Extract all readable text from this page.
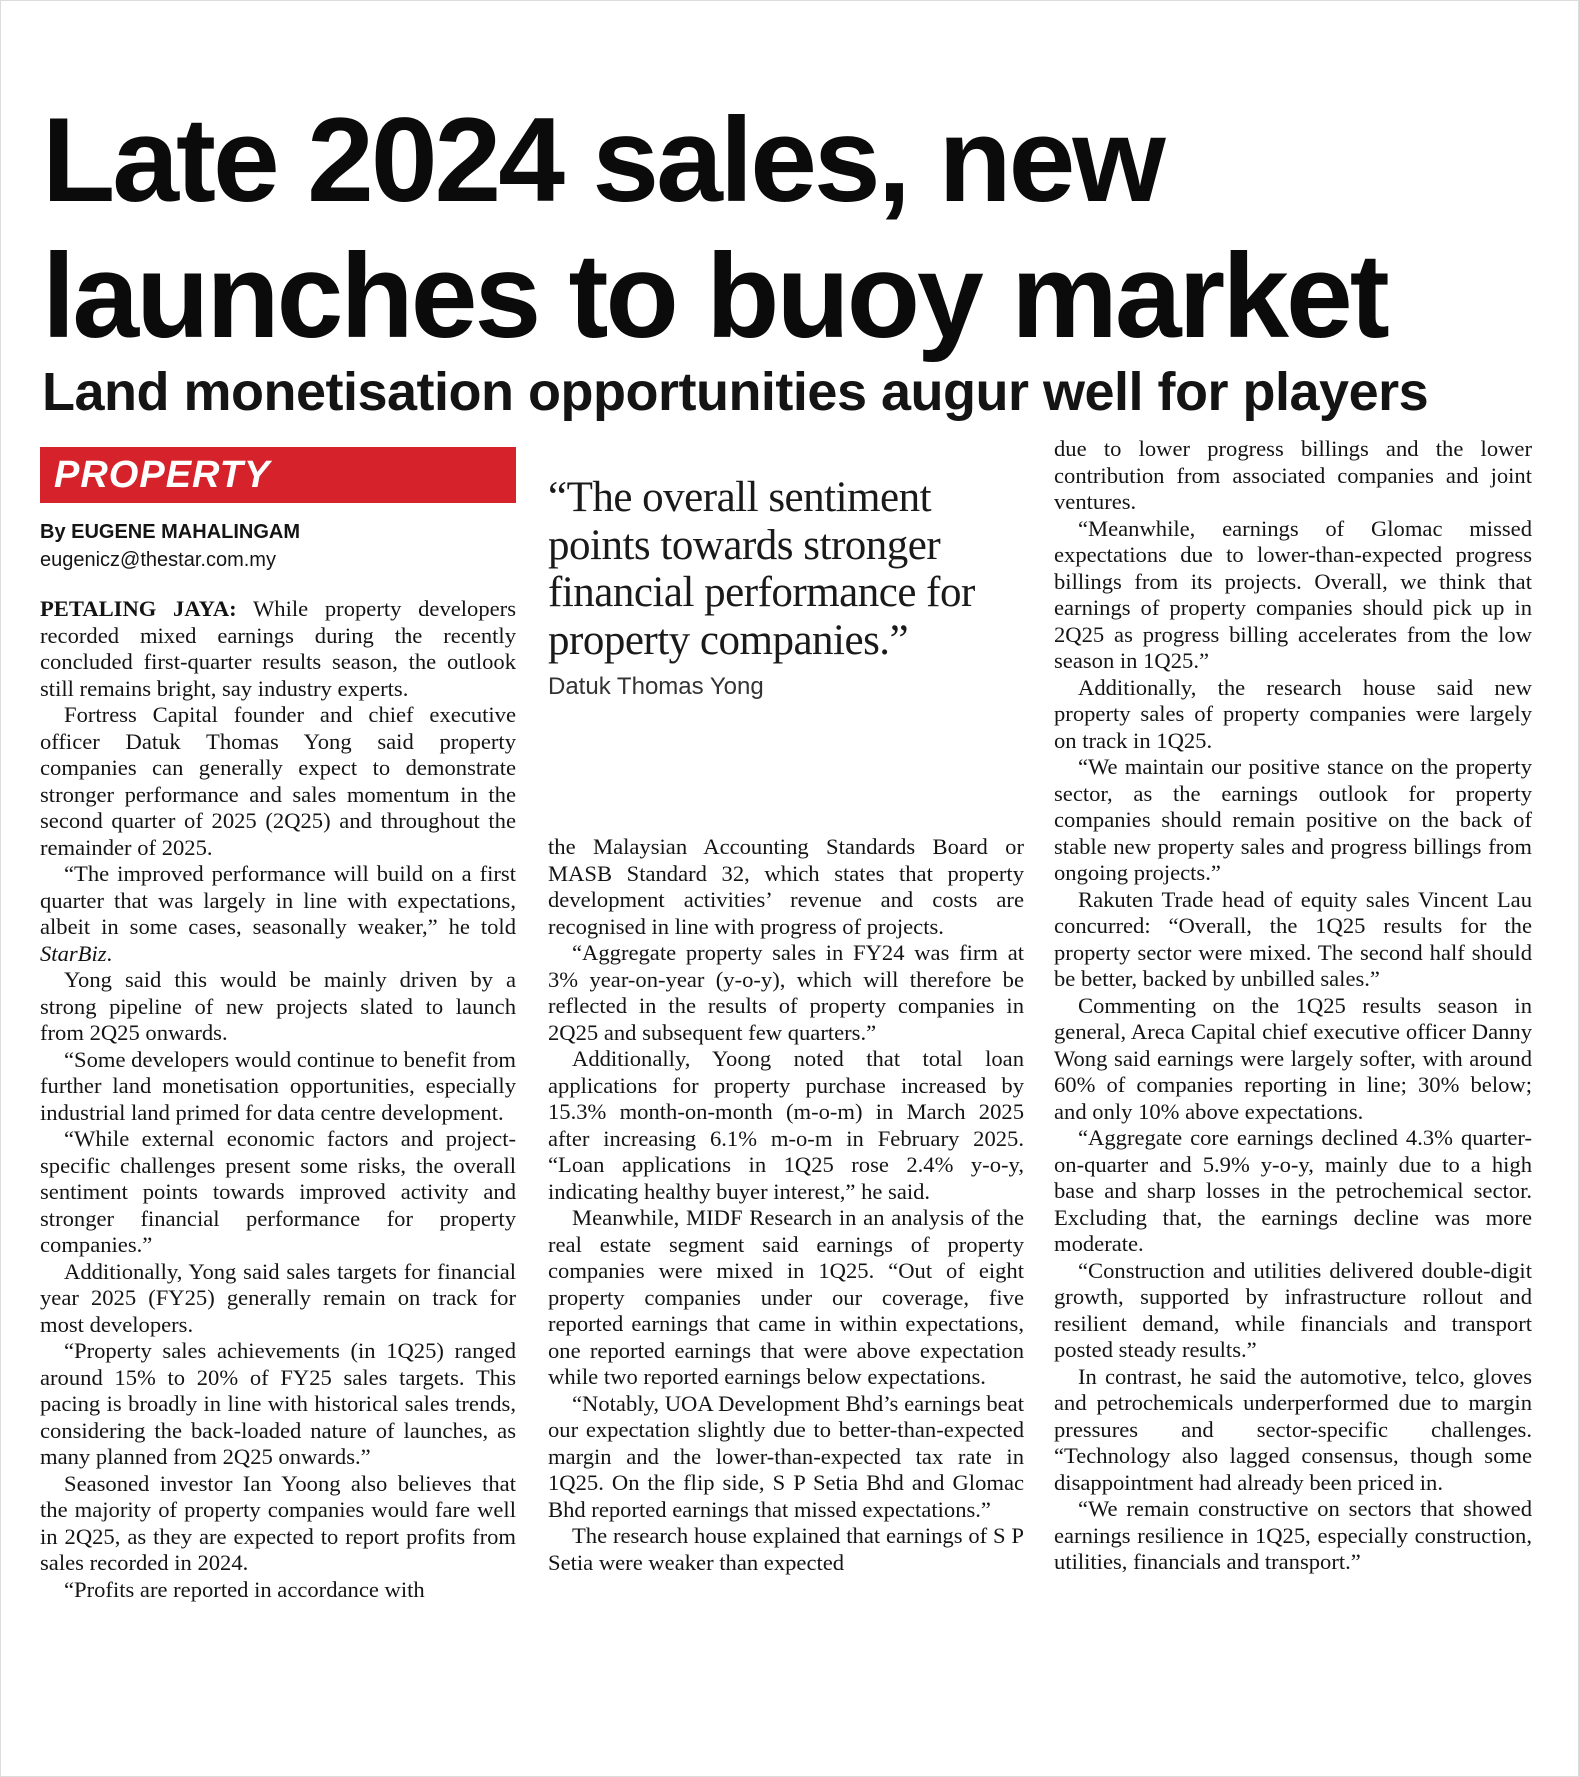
Late 2024 sales, new
launches to buoy market
Land monetisation opportunities augur well for players
PROPERTY
By EUGENE MAHALINGAM
eugenicz@thestar.com.my

PETALING JAYA: While property developers recorded mixed earnings during the recently concluded first-quarter results season, the outlook still remains bright, say industry experts.

Fortress Capital founder and chief executive officer Datuk Thomas Yong said property companies can generally expect to demonstrate stronger performance and sales momentum in the second quarter of 2025 (2Q25) and throughout the remainder of 2025.

“The improved performance will build on a first quarter that was largely in line with expectations, albeit in some cases, seasonally weaker,” he told StarBiz.

Yong said this would be mainly driven by a strong pipeline of new projects slated to launch from 2Q25 onwards.

“Some developers would continue to benefit from further land monetisation opportunities, especially industrial land primed for data centre development.

“While external economic factors and project-specific challenges present some risks, the overall sentiment points towards improved activity and stronger financial performance for property companies.”

Additionally, Yong said sales targets for financial year 2025 (FY25) generally remain on track for most developers.

“Property sales achievements (in 1Q25) ranged around 15% to 20% of FY25 sales targets. This pacing is broadly in line with historical sales trends, considering the back-loaded nature of launches, as many planned from 2Q25 onwards.”

Seasoned investor Ian Yoong also believes that the majority of property companies would fare well in 2Q25, as they are expected to report profits from sales recorded in 2024.

“Profits are reported in accordance with

“The overall sentiment points towards stronger financial performance for property companies.”
Datuk Thomas Yong

the Malaysian Accounting Standards Board or MASB Standard 32, which states that property development activities’ revenue and costs are recognised in line with progress of projects.

“Aggregate property sales in FY24 was firm at 3% year-on-year (y-o-y), which will therefore be reflected in the results of property companies in 2Q25 and subsequent few quarters.”

Additionally, Yoong noted that total loan applications for property purchase increased by 15.3% month-on-month (m-o-m) in March 2025 after increasing 6.1% m-o-m in February 2025. “Loan applications in 1Q25 rose 2.4% y-o-y, indicating healthy buyer interest,” he said.

Meanwhile, MIDF Research in an analysis of the real estate segment said earnings of property companies were mixed in 1Q25. “Out of eight property companies under our coverage, five reported earnings that came in within expectations, one reported earnings that were above expectation while two reported earnings below expectations.

“Notably, UOA Development Bhd’s earnings beat our expectation slightly due to better-than-expected margin and the lower-than-expected tax rate in 1Q25. On the flip side, S P Setia Bhd and Glomac Bhd reported earnings that missed expectations.”

The research house explained that earnings of S P Setia were weaker than expected

due to lower progress billings and the lower contribution from associated companies and joint ventures.

“Meanwhile, earnings of Glomac missed expectations due to lower-than-expected progress billings from its projects. Overall, we think that earnings of property companies should pick up in 2Q25 as progress billing accelerates from the low season in 1Q25.”

Additionally, the research house said new property sales of property companies were largely on track in 1Q25.

“We maintain our positive stance on the property sector, as the earnings outlook for property companies should remain positive on the back of stable new property sales and progress billings from ongoing projects.”

Rakuten Trade head of equity sales Vincent Lau concurred: “Overall, the 1Q25 results for the property sector were mixed. The second half should be better, backed by unbilled sales.”

Commenting on the 1Q25 results season in general, Areca Capital chief executive officer Danny Wong said earnings were largely softer, with around 60% of companies reporting in line; 30% below; and only 10% above expectations.

“Aggregate core earnings declined 4.3% quarter-on-quarter and 5.9% y-o-y, mainly due to a high base and sharp losses in the petrochemical sector. Excluding that, the earnings decline was more moderate.

“Construction and utilities delivered double-digit growth, supported by infrastructure rollout and resilient demand, while financials and transport posted steady results.”

In contrast, he said the automotive, telco, gloves and petrochemicals underperformed due to margin pressures and sector-specific challenges. “Technology also lagged consensus, though some disappointment had already been priced in.

“We remain constructive on sectors that showed earnings resilience in 1Q25, especially construction, utilities, financials and transport.”
